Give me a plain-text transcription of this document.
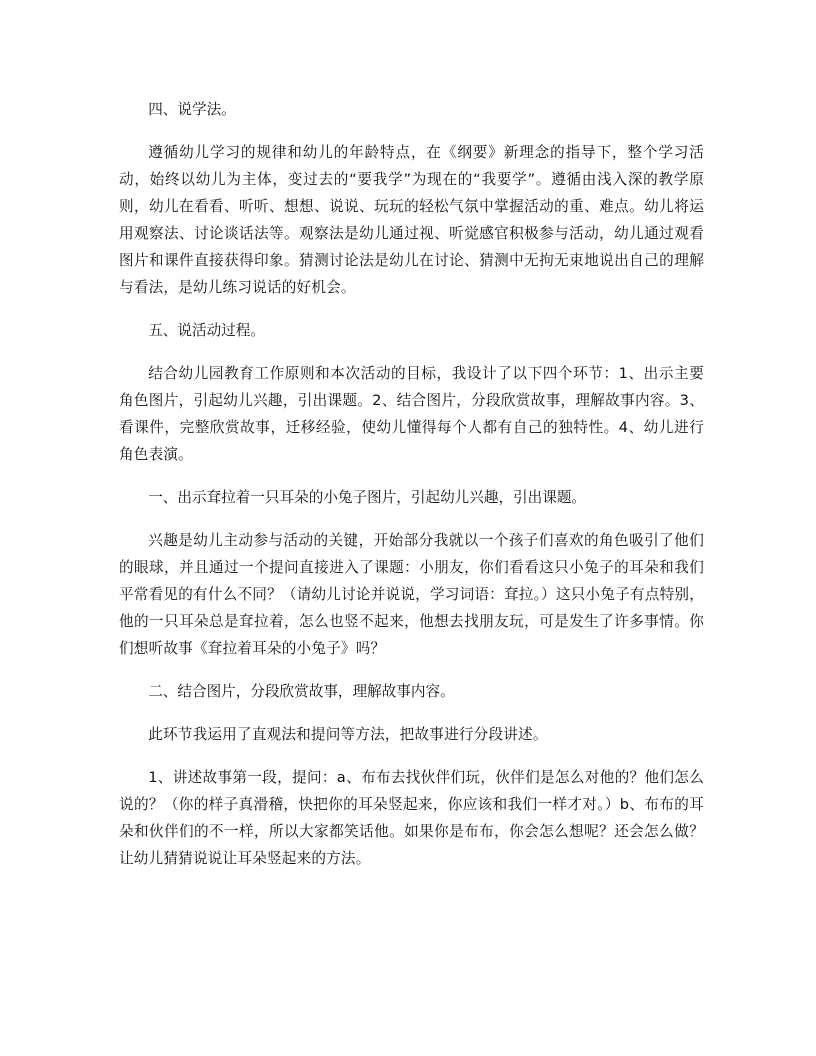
四、说学法。

遵循幼儿学习的规律和幼儿的年龄特点，在《纲要》新理念的指导下，整个学习活动，始终以幼儿为主体，变过去的“要我学”为现在的“我要学”。遵循由浅入深的教学原则，幼儿在看看、听听、想想、说说、玩玩的轻松气氛中掌握活动的重、难点。幼儿将运用观察法、讨论谈话法等。观察法是幼儿通过视、听觉感官积极参与活动，幼儿通过观看图片和课件直接获得印象。猜测讨论法是幼儿在讨论、猜测中无拘无束地说出自己的理解与看法，是幼儿练习说话的好机会。

五、说活动过程。

结合幼儿园教育工作原则和本次活动的目标，我设计了以下四个环节：1、出示主要角色图片，引起幼儿兴趣，引出课题。2、结合图片，分段欣赏故事，理解故事内容。3、看课件，完整欣赏故事，迁移经验，使幼儿懂得每个人都有自己的独特性。4、幼儿进行角色表演。

一、出示耷拉着一只耳朵的小兔子图片，引起幼儿兴趣，引出课题。

兴趣是幼儿主动参与活动的关键，开始部分我就以一个孩子们喜欢的角色吸引了他们的眼球，并且通过一个提问直接进入了课题：小朋友，你们看看这只小兔子的耳朵和我们平常看见的有什么不同？（请幼儿讨论并说说，学习词语：耷拉。）这只小兔子有点特别，他的一只耳朵总是耷拉着，怎么也竖不起来，他想去找朋友玩，可是发生了许多事情。你们想听故事《耷拉着耳朵的小兔子》吗？

二、结合图片，分段欣赏故事，理解故事内容。

此环节我运用了直观法和提问等方法，把故事进行分段讲述。

1、讲述故事第一段，提问：a、布布去找伙伴们玩，伙伴们是怎么对他的？他们怎么说的？（你的样子真滑稽，快把你的耳朵竖起来，你应该和我们一样才对。）b、布布的耳朵和伙伴们的不一样，所以大家都笑话他。如果你是布布，你会怎么想呢？还会怎么做？让幼儿猜猜说说让耳朵竖起来的方法。
